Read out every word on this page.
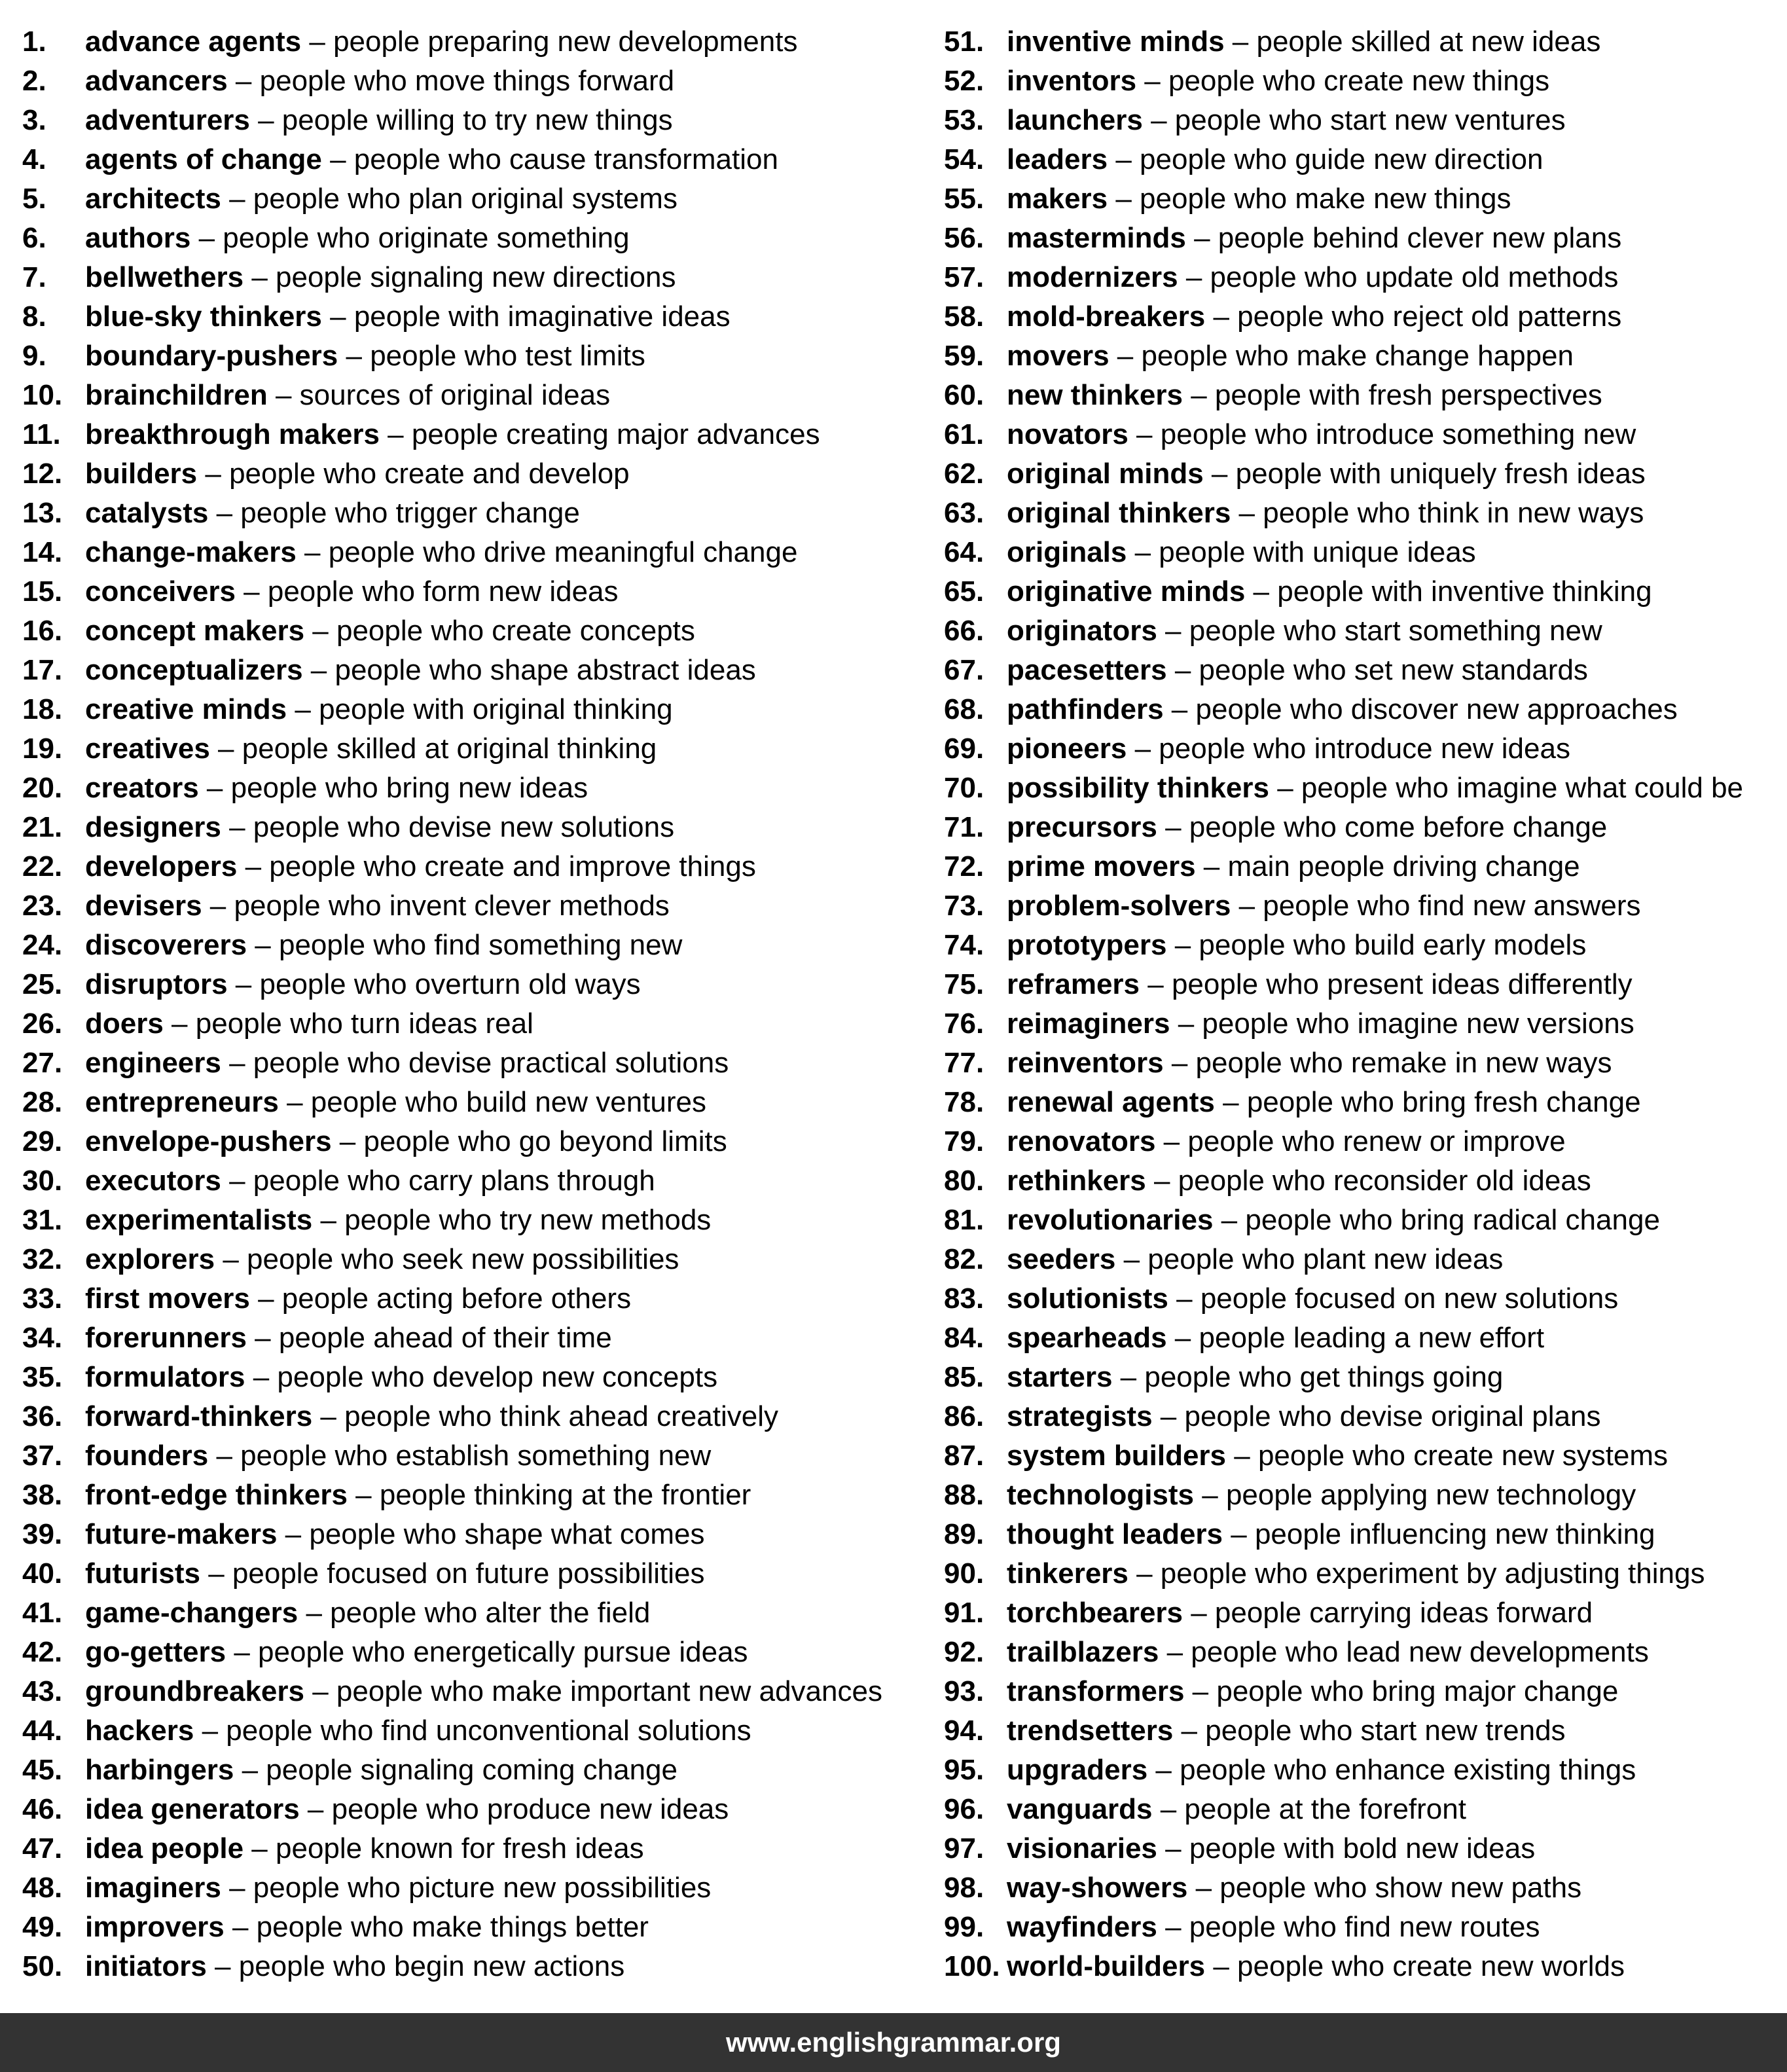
1. advance agents – people preparing new developments
2. advancers – people who move things forward
3. adventurers – people willing to try new things
4. agents of change – people who cause transformation
5. architects – people who plan original systems
6. authors – people who originate something
7. bellwethers – people signaling new directions
8. blue-sky thinkers – people with imaginative ideas
9. boundary-pushers – people who test limits
10. brainchildren – sources of original ideas
11. breakthrough makers – people creating major advances
12. builders – people who create and develop
13. catalysts – people who trigger change
14. change-makers – people who drive meaningful change
15. conceivers – people who form new ideas
16. concept makers – people who create concepts
17. conceptualizers – people who shape abstract ideas
18. creative minds – people with original thinking
19. creatives – people skilled at original thinking
20. creators – people who bring new ideas
21. designers – people who devise new solutions
22. developers – people who create and improve things
23. devisers – people who invent clever methods
24. discoverers – people who find something new
25. disruptors – people who overturn old ways
26. doers – people who turn ideas real
27. engineers – people who devise practical solutions
28. entrepreneurs – people who build new ventures
29. envelope-pushers – people who go beyond limits
30. executors – people who carry plans through
31. experimentalists – people who try new methods
32. explorers – people who seek new possibilities
33. first movers – people acting before others
34. forerunners – people ahead of their time
35. formulators – people who develop new concepts
36. forward-thinkers – people who think ahead creatively
37. founders – people who establish something new
38. front-edge thinkers – people thinking at the frontier
39. future-makers – people who shape what comes
40. futurists – people focused on future possibilities
41. game-changers – people who alter the field
42. go-getters – people who energetically pursue ideas
43. groundbreakers – people who make important new advances
44. hackers – people who find unconventional solutions
45. harbingers – people signaling coming change
46. idea generators – people who produce new ideas
47. idea people – people known for fresh ideas
48. imaginers – people who picture new possibilities
49. improvers – people who make things better
50. initiators – people who begin new actions
51. inventive minds – people skilled at new ideas
52. inventors – people who create new things
53. launchers – people who start new ventures
54. leaders – people who guide new direction
55. makers – people who make new things
56. masterminds – people behind clever new plans
57. modernizers – people who update old methods
58. mold-breakers – people who reject old patterns
59. movers – people who make change happen
60. new thinkers – people with fresh perspectives
61. novators – people who introduce something new
62. original minds – people with uniquely fresh ideas
63. original thinkers – people who think in new ways
64. originals – people with unique ideas
65. originative minds – people with inventive thinking
66. originators – people who start something new
67. pacesetters – people who set new standards
68. pathfinders – people who discover new approaches
69. pioneers – people who introduce new ideas
70. possibility thinkers – people who imagine what could be
71. precursors – people who come before change
72. prime movers – main people driving change
73. problem-solvers – people who find new answers
74. prototypers – people who build early models
75. reframers – people who present ideas differently
76. reimaginers – people who imagine new versions
77. reinventors – people who remake in new ways
78. renewal agents – people who bring fresh change
79. renovators – people who renew or improve
80. rethinkers – people who reconsider old ideas
81. revolutionaries – people who bring radical change
82. seeders – people who plant new ideas
83. solutionists – people focused on new solutions
84. spearheads – people leading a new effort
85. starters – people who get things going
86. strategists – people who devise original plans
87. system builders – people who create new systems
88. technologists – people applying new technology
89. thought leaders – people influencing new thinking
90. tinkerers – people who experiment by adjusting things
91. torchbearers – people carrying ideas forward
92. trailblazers – people who lead new developments
93. transformers – people who bring major change
94. trendsetters – people who start new trends
95. upgraders – people who enhance existing things
96. vanguards – people at the forefront
97. visionaries – people with bold new ideas
98. way-showers – people who show new paths
99. wayfinders – people who find new routes
100. world-builders – people who create new worlds
www.englishgrammar.org
